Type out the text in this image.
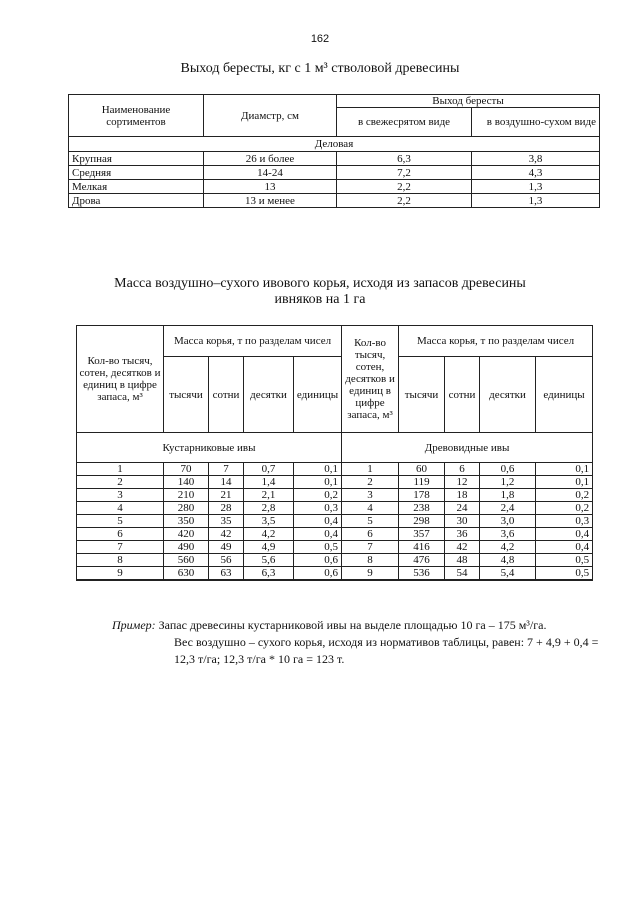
162
Выход бересты, кг с 1 м³ стволовой древесины
Наименование сортиментов	Диамстр, см	Выход бересты	
		в свежесрятом виде	в воздушно-сухом виде
Деловая			
Крупная	26 и более	6,3	3,8
Средняя	14-24	7,2	4,3
Мелкая	13	2,2	1,3
Дрова	13 и менее	2,2	1,3
Масса воздушно–сухого ивового корья, исходя из запасов древесины
ивняков на 1 га
Кол-во тысяч, сотен, десятков и единиц в цифре запаса, м³	Масса корья, т по разделам чисел				Кол-во тысяч, сотен, десятков и единиц в цифре запаса, м³	Масса корья, т по разделам чисел			
	тысячи	сотни	десятки	единицы		тысячи	сотни	десятки	единицы
Кустарниковые ивы					Древовидные ивы				
1	70	7	0,7	0,1	1	60	6	0,6	0,1
2	140	14	1,4	0,1	2	119	12	1,2	0,1
3	210	21	2,1	0,2	3	178	18	1,8	0,2
4	280	28	2,8	0,3	4	238	24	2,4	0,2
5	350	35	3,5	0,4	5	298	30	3,0	0,3
6	420	42	4,2	0,4	6	357	36	3,6	0,4
7	490	49	4,9	0,5	7	416	42	4,2	0,4
8	560	56	5,6	0,6	8	476	48	4,8	0,5
9	630	63	6,3	0,6	9	536	54	5,4	0,5
Пример: Запас древесины кустарниковой ивы на выделе площадью 10 га – 175 м³/га.
Вес воздушно – сухого корья, исходя из нормативов таблицы, равен: 7 + 4,9 + 0,4 = 12,3 т/га; 12,3 т/га * 10 га = 123 т.
